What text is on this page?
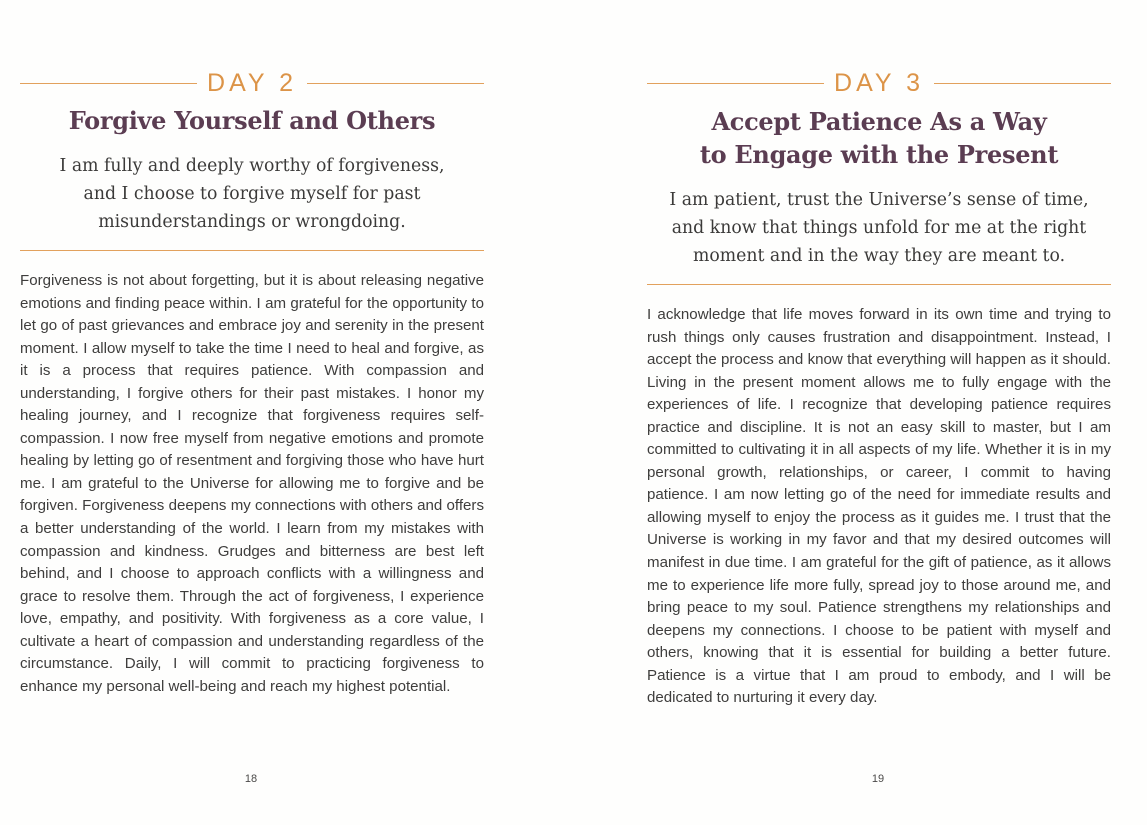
DAY 2
Forgive Yourself and Others

I am fully and deeply worthy of forgiveness, and I choose to forgive myself for past misunderstandings or wrongdoing.

Forgiveness is not about forgetting, but it is about releasing negative emotions and finding peace within. I am grateful for the opportunity to let go of past grievances and embrace joy and serenity in the present moment. I allow myself to take the time I need to heal and forgive, as it is a process that requires patience. With compassion and understanding, I forgive others for their past mistakes. I honor my healing journey, and I recognize that forgiveness requires self-compassion. I now free myself from negative emotions and promote healing by letting go of resentment and forgiving those who have hurt me. I am grateful to the Universe for allowing me to forgive and be forgiven. Forgiveness deepens my connections with others and offers a better understanding of the world. I learn from my mistakes with compassion and kindness. Grudges and bitterness are best left behind, and I choose to approach conflicts with a willingness and grace to resolve them. Through the act of forgiveness, I experience love, empathy, and positivity. With forgiveness as a core value, I cultivate a heart of compassion and understanding regardless of the circumstance. Daily, I will commit to practicing forgiveness to enhance my personal well-being and reach my highest potential.

18
DAY 3
Accept Patience As a Way
to Engage with the Present

I am patient, trust the Universe’s sense of time, and know that things unfold for me at the right moment and in the way they are meant to.

I acknowledge that life moves forward in its own time and trying to rush things only causes frustration and disappointment. Instead, I accept the process and know that everything will happen as it should. Living in the present moment allows me to fully engage with the experiences of life. I recognize that developing patience requires practice and discipline. It is not an easy skill to master, but I am committed to cultivating it in all aspects of my life. Whether it is in my personal growth, relationships, or career, I commit to having patience. I am now letting go of the need for immediate results and allowing myself to enjoy the process as it guides me. I trust that the Universe is working in my favor and that my desired outcomes will manifest in due time. I am grateful for the gift of patience, as it allows me to experience life more fully, spread joy to those around me, and bring peace to my soul. Patience strengthens my relationships and deepens my connections. I choose to be patient with myself and others, knowing that it is essential for building a better future. Patience is a virtue that I am proud to embody, and I will be dedicated to nurturing it every day.

19
